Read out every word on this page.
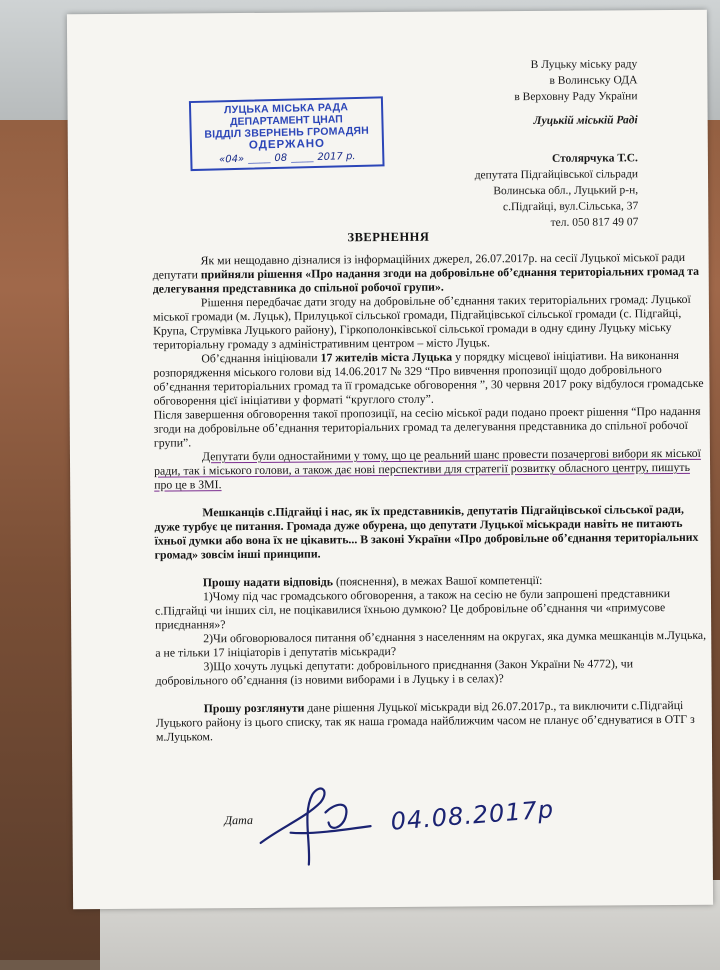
В Луцьку міську раду
в Волинську ОДА
в Верховну Раду України
Луцькій міській Раді
Столярчука Т.С.
депутата Підгайцівської сільради
Волинська обл., Луцький р-н,
с.Підгайці, вул.Сільська, 37
тел. 050 817 49 07
ЛУЦЬКА МІСЬКА РАДА
ДЕПАРТАМЕНТ ЦНАП
ВІДДІЛ ЗВЕРНЕНЬ ГРОМАДЯН
ОДЕРЖАНО
«04» ____ 08 ____ 2017 р.
ЗВЕРНЕННЯ

Як ми нещодавно дізналися із інформаційних джерел, 26.07.2017р. на сесії Луцької міської ради депутати прийняли рішення «Про надання згоди на добровільне об’єднання територіальних громад та делегування представника до спільної робочої групи».

Рішення передбачає дати згоду на добровільне об’єднання таких територіальних громад: Луцької міської громади (м. Луцьк), Прилуцької сільської громади, Підгайцівської сільської громади (с. Підгайці, Крупа, Струмівка Луцького району), Гіркополонківської сільської громади в одну єдину Луцьку міську територіальну громаду з адміністративним центром – місто Луцьк.

Об’єднання ініціювали 17 жителів міста Луцька у порядку місцевої ініціативи. На виконання розпорядження міського голови від 14.06.2017 № 329 “Про вивчення пропозиції щодо добровільного об’єднання територіальних громад та її громадське обговорення ”, 30 червня 2017 року відбулося громадське обговорення цієї ініціативи у форматі “круглого столу”.

Після завершення обговорення такої пропозиції, на сесію міської ради подано проект рішення “Про надання згоди на добровільне об’єднання територіальних громад та делегування представника до спільної робочої групи”.

Депутати були одностайними у тому, що це реальний шанс провести позачергові вибори як міської ради, так і міського голови, а також дає нові перспективи для стратегії розвитку обласного центру, пишуть про це в ЗМІ.

Мешканців с.Підгайці і нас, як їх представників, депутатів Підгайцівської сільської ради, дуже турбує це питання. Громада дуже обурена, що депутати Луцької міськради навіть не питають їхньої думки або вона їх не цікавить... В законі України «Про добровільне об’єднання територіальних громад» зовсім інші принципи.

Прошу надати відповідь (пояснення), в межах Вашої компетенції:

1)Чому під час громадського обговорення, а також на сесію не були запрошені представники с.Підгайці чи інших сіл, не поцікавилися їхньою думкою? Це добровільне об’єднання чи «примусове приєднання»?

2)Чи обговорювалося питання об’єднання з населенням на округах, яка думка мешканців м.Луцька, а не тільки 17 ініціаторів і депутатів міськради?

3)Що хочуть луцькі депутати: добровільного приєднання (Закон України № 4772), чи добровільного об’єднання (із новими виборами і в Луцьку і в селах)?

Прошу розглянути дане рішення Луцької міськради від 26.07.2017р., та виключити с.Підгайці Луцького району із цього списку, так як наша громада найближчим часом не планує об’єднуватися в ОТГ з м.Луцьком.

Дата	04.08.2017р
